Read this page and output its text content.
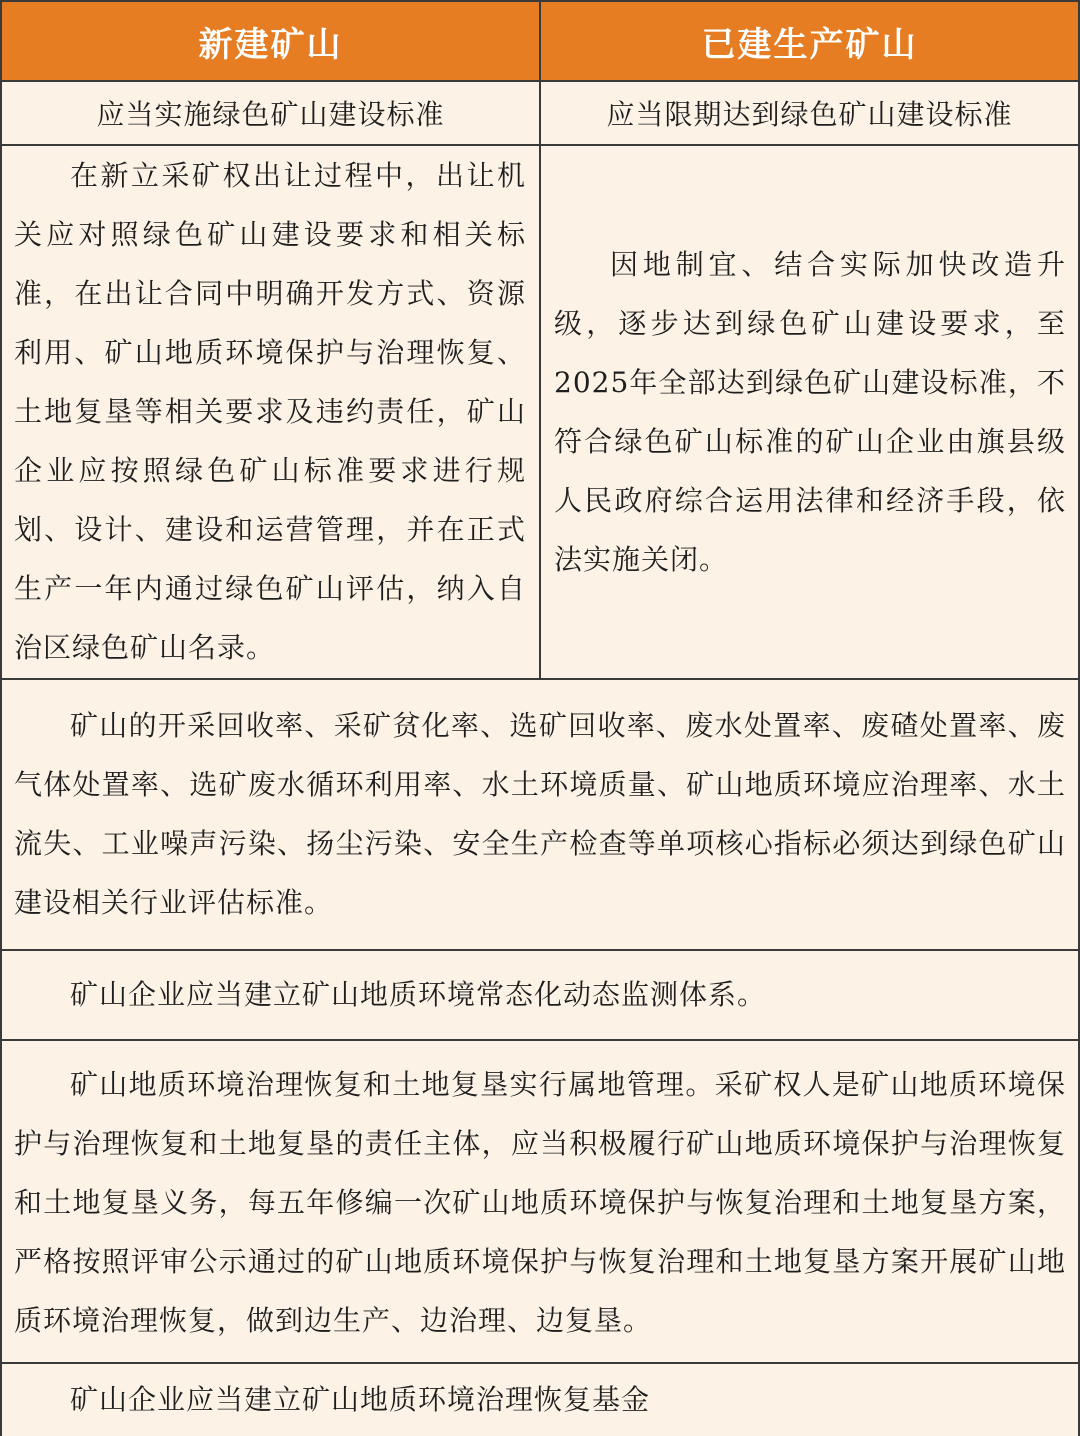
新建矿山	已建生产矿山
应当实施绿色矿山建设标准	应当限期达到绿色矿山建设标准

在新立采矿权出让过程中，出让机关应对照绿色矿山建设要求和相关标准，在出让合同中明确开发方式、资源利用、矿山地质环境保护与治理恢复、土地复垦等相关要求及违约责任，矿山企业应按照绿色矿山标准要求进行规划、设计、建设和运营管理，并在正式生产一年内通过绿色矿山评估，纳入自治区绿色矿山名录。

因地制宜、结合实际加快改造升级，逐步达到绿色矿山建设要求，至2025年全部达到绿色矿山建设标准，不符合绿色矿山标准的矿山企业由旗县级人民政府综合运用法律和经济手段，依法实施关闭。

矿山的开采回收率、采矿贫化率、选矿回收率、废水处置率、废碴处置率、废气体处置率、选矿废水循环利用率、水土环境质量、矿山地质环境应治理率、水土流失、工业噪声污染、扬尘污染、安全生产检查等单项核心指标必须达到绿色矿山建设相关行业评估标准。

矿山企业应当建立矿山地质环境常态化动态监测体系。

矿山地质环境治理恢复和土地复垦实行属地管理。采矿权人是矿山地质环境保护与治理恢复和土地复垦的责任主体，应当积极履行矿山地质环境保护与治理恢复和土地复垦义务，每五年修编一次矿山地质环境保护与恢复治理和土地复垦方案，严格按照评审公示通过的矿山地质环境保护与恢复治理和土地复垦方案开展矿山地质环境治理恢复，做到边生产、边治理、边复垦。

矿山企业应当建立矿山地质环境治理恢复基金
